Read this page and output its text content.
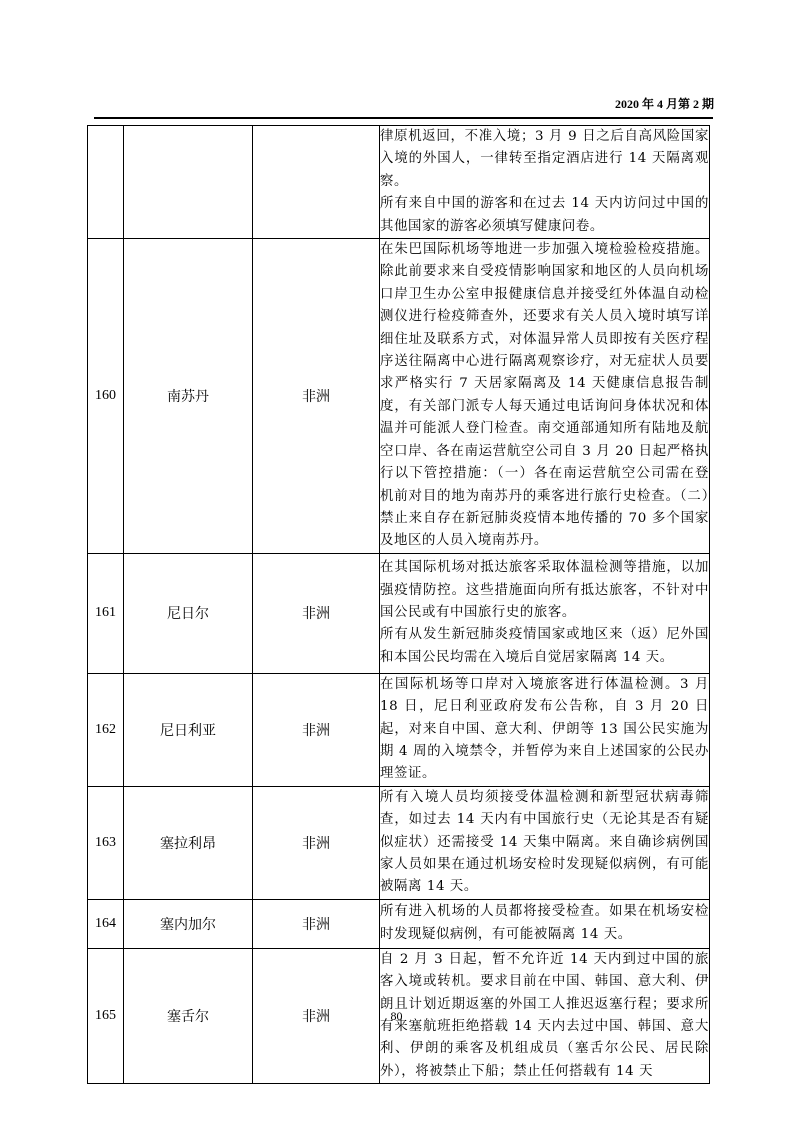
2020 年 4 月第 2 期

			律原机返回，不准入境；3 月 9 日之后自高风险国家入境的外国人，一律转至指定酒店进行 14 天隔离观察。
所有来自中国的游客和在过去 14 天内访问过中国的其他国家的游客必须填写健康问卷。

160	南苏丹	非洲	在朱巴国际机场等地进一步加强入境检验检疫措施。除此前要求来自受疫情影响国家和地区的人员向机场口岸卫生办公室申报健康信息并接受红外体温自动检测仪进行检疫筛查外，还要求有关人员入境时填写详细住址及联系方式，对体温异常人员即按有关医疗程序送往隔离中心进行隔离观察诊疗，对无症状人员要求严格实行 7 天居家隔离及 14 天健康信息报告制度，有关部门派专人每天通过电话询问身体状况和体温并可能派人登门检查。南交通部通知所有陆地及航空口岸、各在南运营航空公司自 3 月 20 日起严格执行以下管控措施：（一）各在南运营航空公司需在登机前对目的地为南苏丹的乘客进行旅行史检查。（二）禁止来自存在新冠肺炎疫情本地传播的 70 多个国家及地区的人员入境南苏丹。

161	尼日尔	非洲	在其国际机场对抵达旅客采取体温检测等措施，以加强疫情防控。这些措施面向所有抵达旅客，不针对中国公民或有中国旅行史的旅客。
所有从发生新冠肺炎疫情国家或地区来（返）尼外国和本国公民均需在入境后自觉居家隔离 14 天。

162	尼日利亚	非洲	在国际机场等口岸对入境旅客进行体温检测。3 月 18 日，尼日利亚政府发布公告称，自 3 月 20 日起，对来自中国、意大利、伊朗等 13 国公民实施为期 4 周的入境禁令，并暂停为来自上述国家的公民办理签证。

163	塞拉利昂	非洲	所有入境人员均须接受体温检测和新型冠状病毒筛查，如过去 14 天内有中国旅行史（无论其是否有疑似症状）还需接受 14 天集中隔离。来自确诊病例国家人员如果在通过机场安检时发现疑似病例，有可能被隔离 14 天。

164	塞内加尔	非洲	所有进入机场的人员都将接受检查。如果在机场安检时发现疑似病例，有可能被隔离 14 天。

165	塞舌尔	非洲	自 2 月 3 日起，暂不允许近 14 天内到过中国的旅客入境或转机。要求目前在中国、韩国、意大利、伊朗且计划近期返塞的外国工人推迟返塞行程；要求所有来塞航班拒绝搭载 14 天内去过中国、韩国、意大利、伊朗的乘客及机组成员（塞舌尔公民、居民除外），将被禁止下船；禁止任何搭载有 14 天
80
